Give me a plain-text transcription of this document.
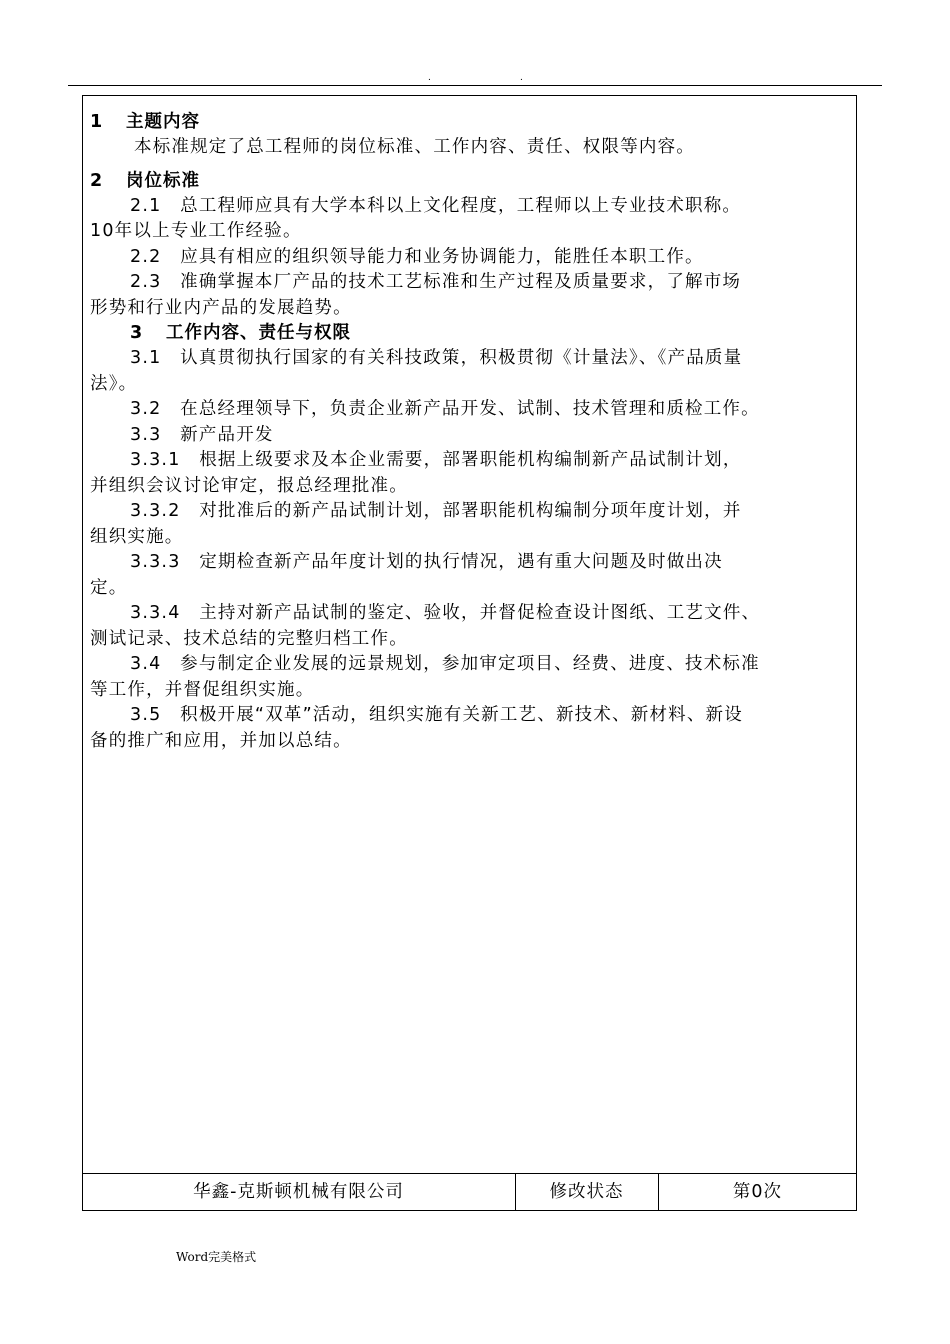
.	.
1 主题内容
本标准规定了总工程师的岗位标准、工作内容、责任、权限等内容。
2 岗位标准
2.1　总工程师应具有大学本科以上文化程度，工程师以上专业技术职称。
10年以上专业工作经验。
2.2　应具有相应的组织领导能力和业务协调能力，能胜任本职工作。
2.3　准确掌握本厂产品的技术工艺标准和生产过程及质量要求，了解市场
形势和行业内产品的发展趋势。
3 工作内容、责任与权限
3.1　认真贯彻执行国家的有关科技政策，积极贯彻《计量法》、《产品质量
法》。
3.2　在总经理领导下，负责企业新产品开发、试制、技术管理和质检工作。
3.3　新产品开发
3.3.1　根据上级要求及本企业需要，部署职能机构编制新产品试制计划，
并组织会议讨论审定，报总经理批准。
3.3.2　对批准后的新产品试制计划，部署职能机构编制分项年度计划，并
组织实施。
3.3.3　定期检查新产品年度计划的执行情况，遇有重大问题及时做出决
定。
3.3.4　主持对新产品试制的鉴定、验收，并督促检查设计图纸、工艺文件、
测试记录、技术总结的完整归档工作。
3.4　参与制定企业发展的远景规划，参加审定项目、经费、进度、技术标准
等工作，并督促组织实施。
3.5　积极开展“双革”活动，组织实施有关新工艺、新技术、新材料、新设
备的推广和应用，并加以总结。
华鑫-克斯顿机械有限公司	修改状态	第0次
Word完美格式
